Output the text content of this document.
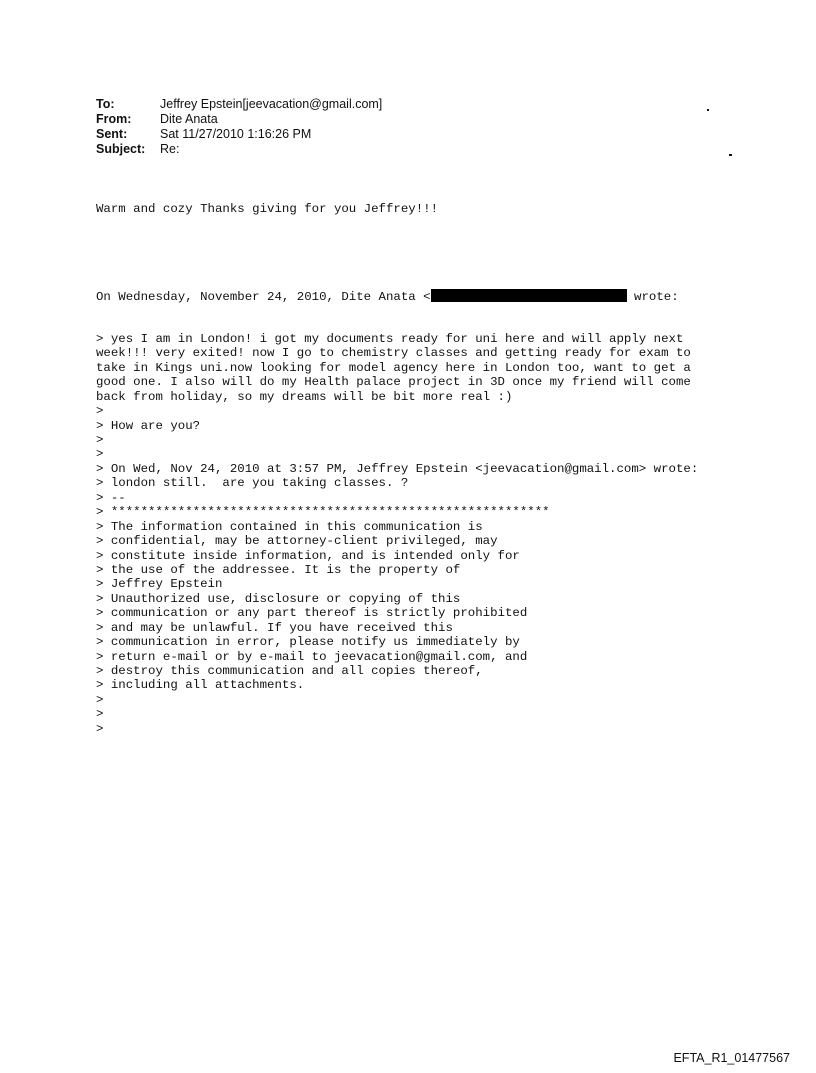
To:	Jeffrey Epstein[jeevacation@gmail.com]
From:	Dite Anata
Sent:	Sat 11/27/2010 1:16:26 PM
Subject:	Re:

Warm and cozy Thanks giving for you Jeffrey!!!

On Wednesday, November 24, 2010, Dite Anata <	wrote:

> yes I am in London! i got my documents ready for uni here and will apply next
week!!! very exited! now I go to chemistry classes and getting ready for exam to
take in Kings uni.now looking for model agency here in London too, want to get a
good one. I also will do my Health palace project in 3D once my friend will come
back from holiday, so my dreams will be bit more real :)
>
> How are you?
>
>
> On Wed, Nov 24, 2010 at 3:57 PM, Jeffrey Epstein <jeevacation@gmail.com> wrote:
> london still.  are you taking classes. ?
> --
> ***********************************************************
> The information contained in this communication is
> confidential, may be attorney-client privileged, may
> constitute inside information, and is intended only for
> the use of the addressee. It is the property of
> Jeffrey Epstein
> Unauthorized use, disclosure or copying of this
> communication or any part thereof is strictly prohibited
> and may be unlawful. If you have received this
> communication in error, please notify us immediately by
> return e-mail or by e-mail to jeevacation@gmail.com, and
> destroy this communication and all copies thereof,
> including all attachments.
>
>
>

EFTA_R1_01477567
